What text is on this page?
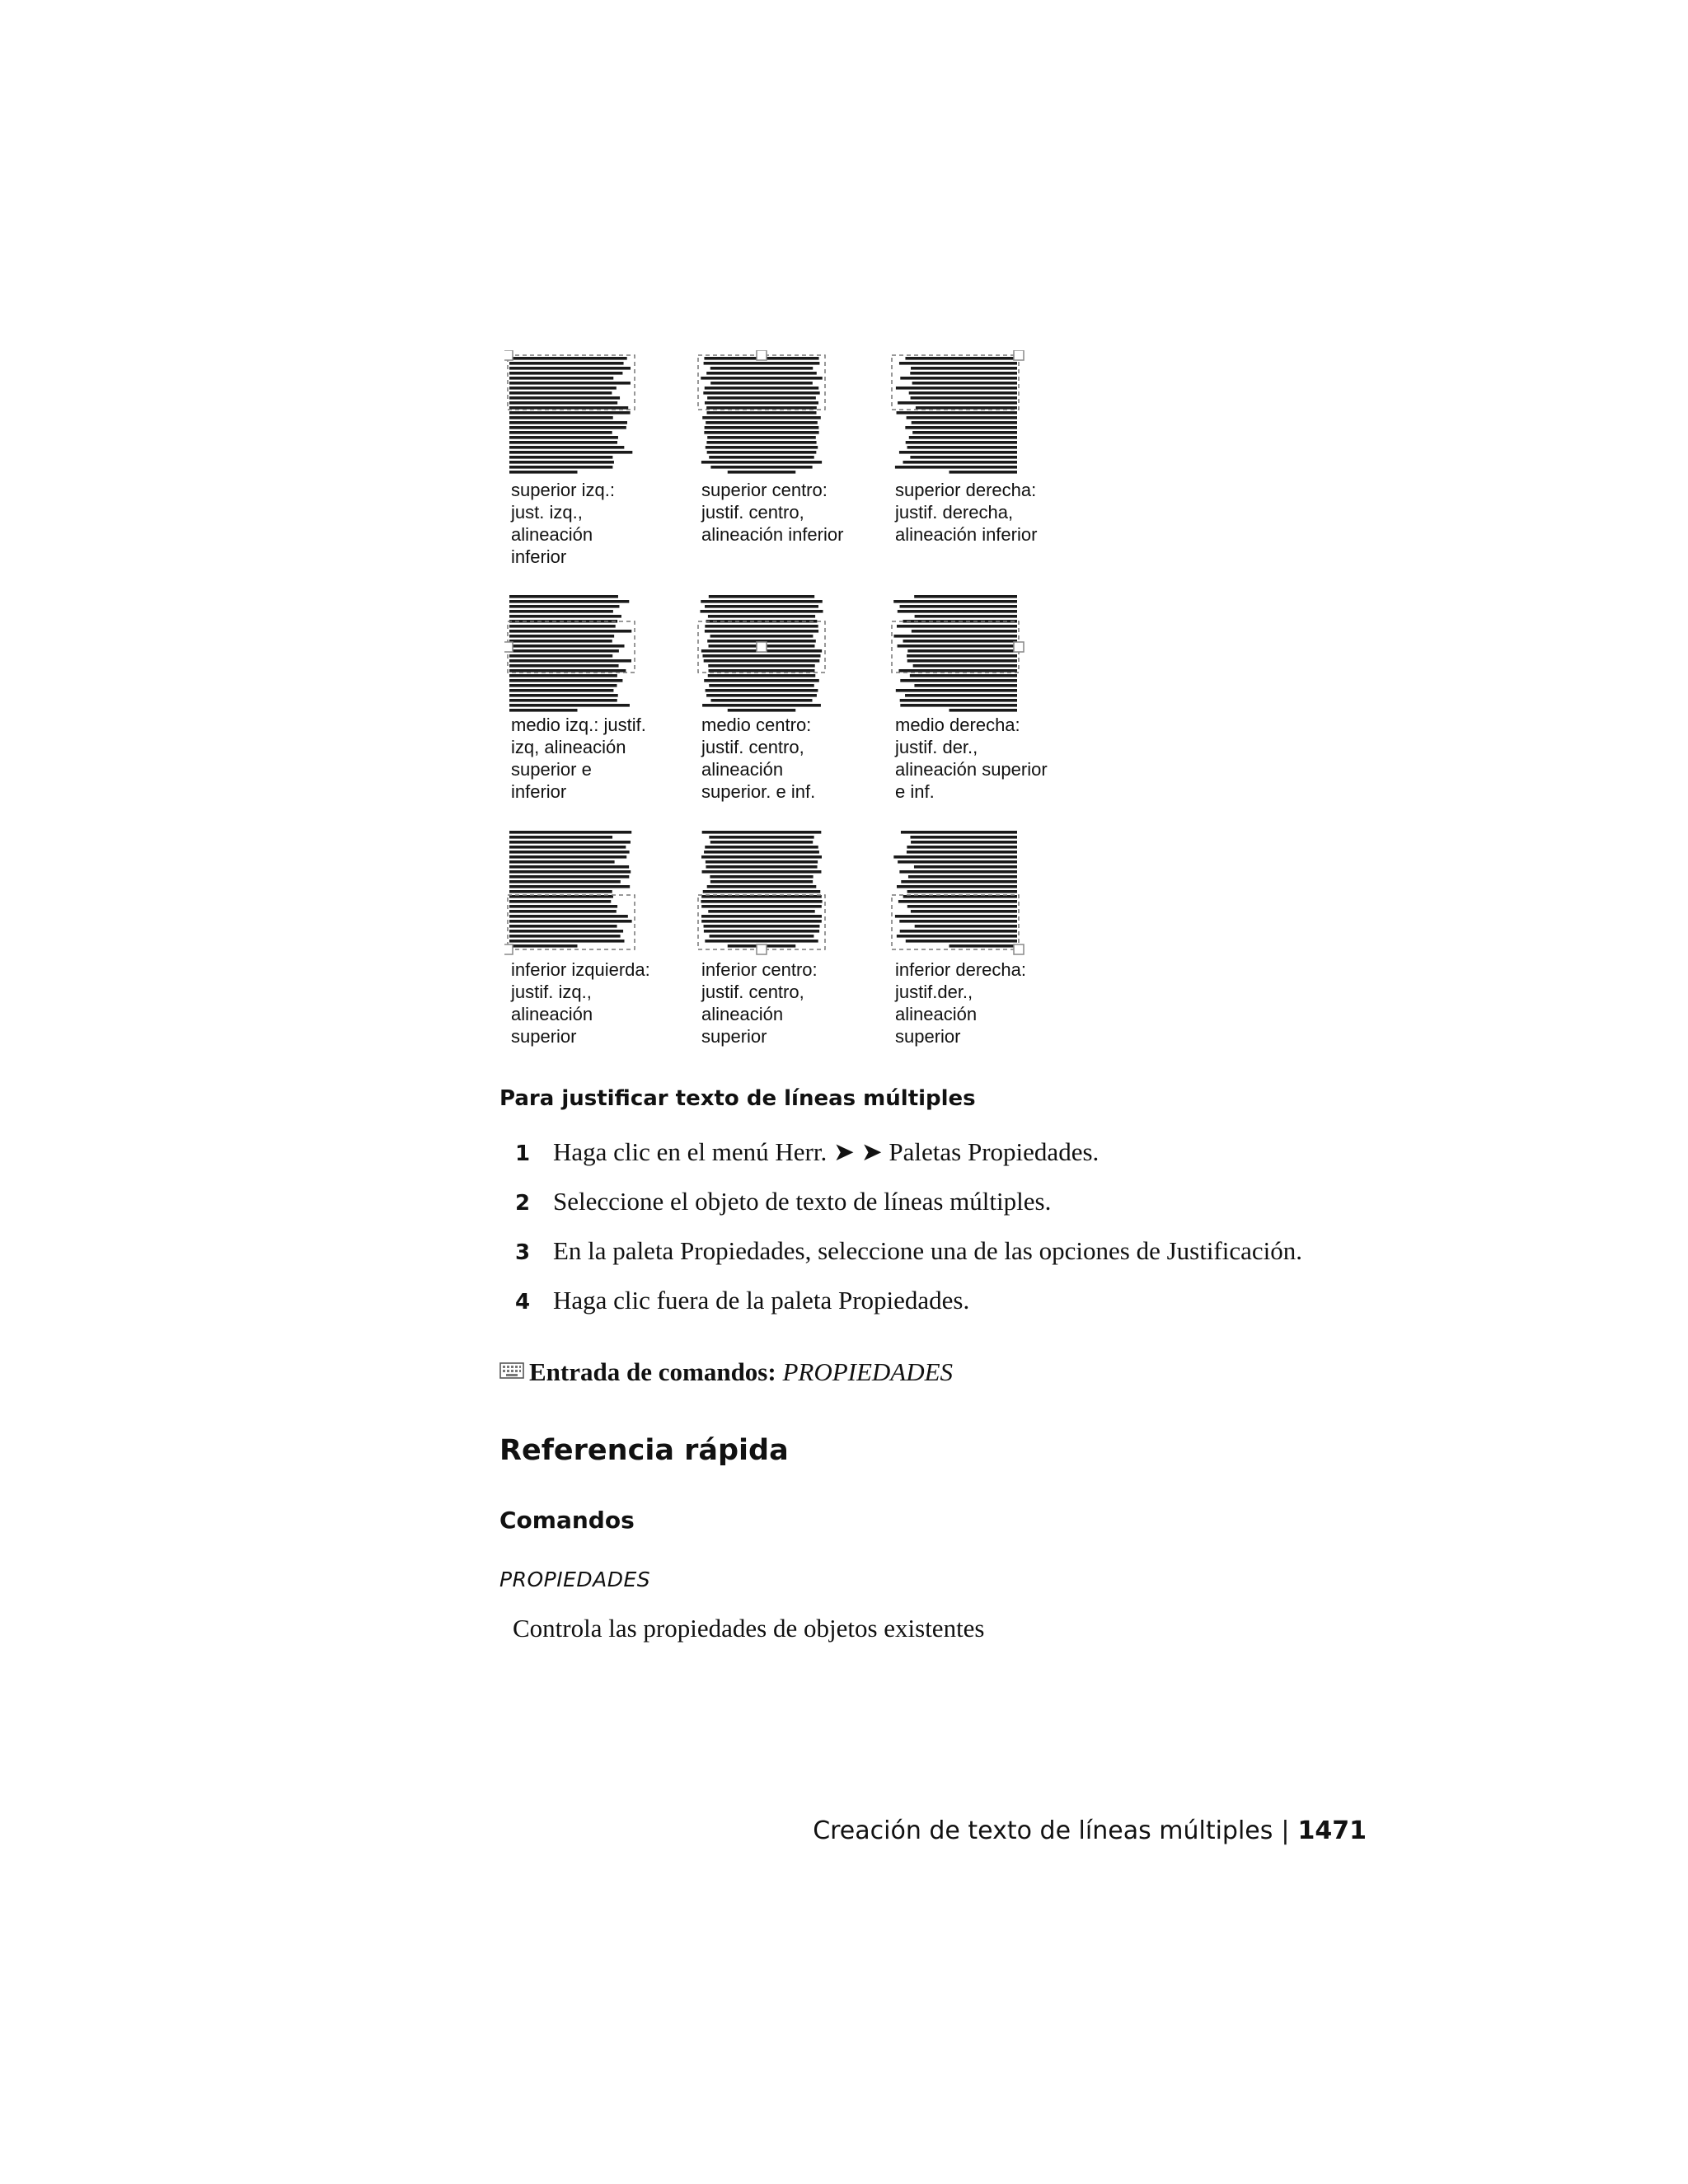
superior izq.:
just. izq.,
alineación
inferior
superior centro:
justif. centro,
alineación inferior
superior derecha:
justif. derecha,
alineación inferior
medio izq.: justif.
izq, alineación
superior e
inferior
medio centro:
justif. centro,
alineación
superior. e inf.
medio derecha:
justif. der.,
alineación superior
e inf.
inferior izquierda:
justif. izq.,
alineación
superior
inferior centro:
justif. centro,
alineación
superior
inferior derecha:
justif.der.,
alineación
superior
Para justificar texto de líneas múltiples
1 Haga clic en el menú Herr. ➤ ➤ Paletas Propiedades.
2 Seleccione el objeto de texto de líneas múltiples.
3 En la paleta Propiedades, seleccione una de las opciones de Justificación.
4 Haga clic fuera de la paleta Propiedades.
Entrada de comandos: PROPIEDADES
Referencia rápida
Comandos
PROPIEDADES
Controla las propiedades de objetos existentes
Creación de texto de líneas múltiples | 1471
